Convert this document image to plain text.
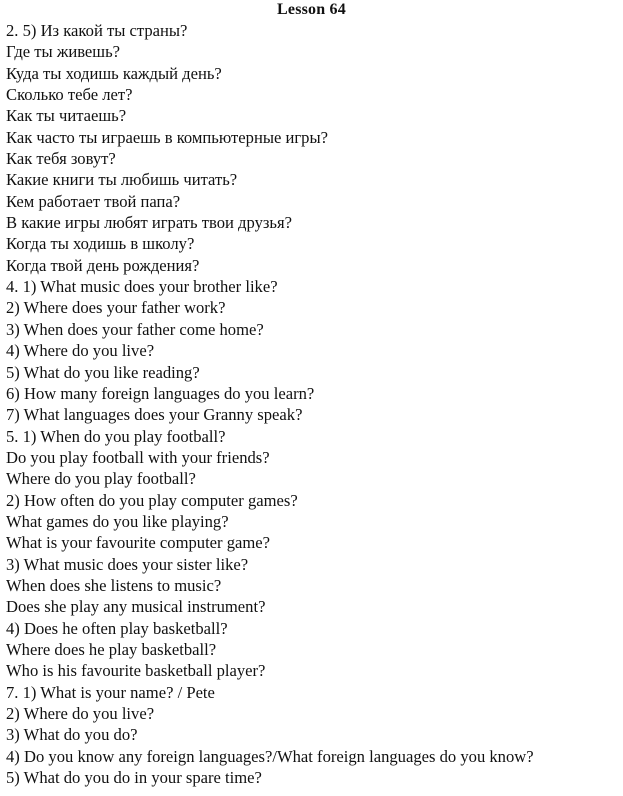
Lesson 64
2. 5) Из какой ты страны?
Где ты живешь?
Куда ты ходишь каждый день?
Сколько тебе лет?
Как ты читаешь?
Как часто ты играешь в компьютерные игры?
Как тебя зовут?
Какие книги ты любишь читать?
Кем работает твой папа?
В какие игры любят играть твои друзья?
Когда ты ходишь в школу?
Когда твой день рождения?
4. 1) What music does your brother like?
2) Where does your father work?
3) When does your father come home?
4) Where do you live?
5) What do you like reading?
6) How many foreign languages do you learn?
7) What languages does your Granny speak?
5. 1) When do you play football?
Do you play football with your friends?
Where do you play football?
2) How often do you play computer games?
What games do you like playing?
What is your favourite computer game?
3) What music does your sister like?
When does she listens to music?
Does she play any musical instrument?
4) Does he often play basketball?
Where does he play basketball?
Who is his favourite basketball player?
7. 1) What is your name? / Pete
2) Where do you live?
3) What do you do?
4) Do you know any foreign languages?/What foreign languages do you know?
5) What do you do in your spare time?
